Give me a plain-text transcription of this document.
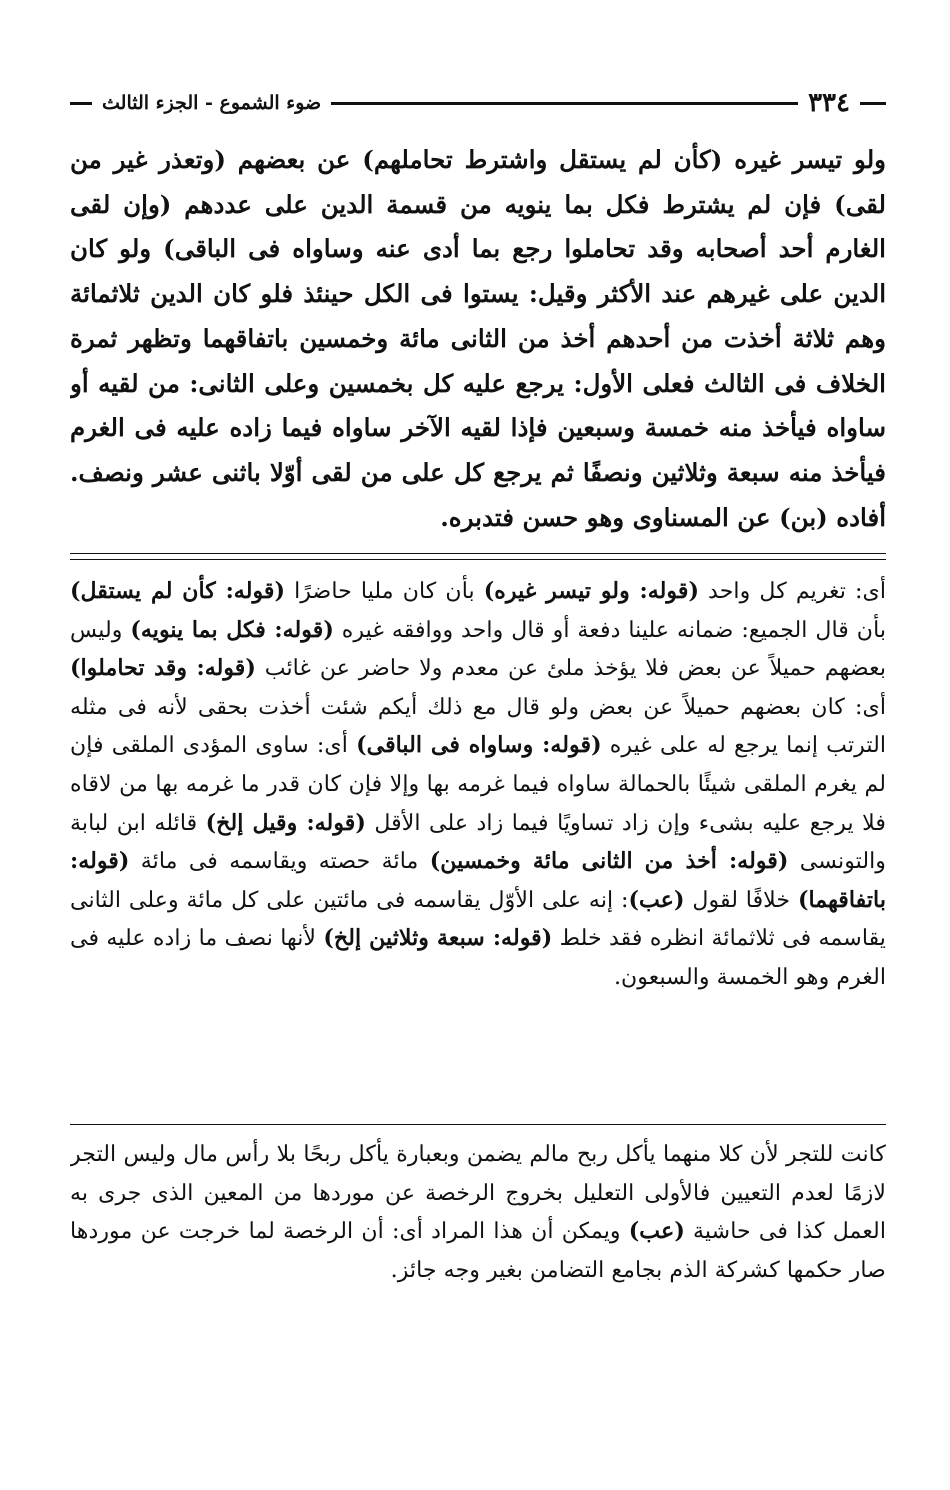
٣٣٤
ضوء الشموع - الجزء الثالث
ولو تيسر غيره (كأن لم يستقل واشترط تحاملهم) عن بعضهم (وتعذر غير من لقى) فإن لم يشترط فكل بما ينويه من قسمة الدين على عددهم (وإن لقى الغارم أحد أصحابه وقد تحاملوا رجع بما أدى عنه وساواه فى الباقى) ولو كان الدين على غيرهم عند الأكثر وقيل: يستوا فى الكل حينئذ فلو كان الدين ثلاثمائة وهم ثلاثة أخذت من أحدهم أخذ من الثانى مائة وخمسين باتفاقهما وتظهر ثمرة الخلاف فى الثالث فعلى الأول: يرجع عليه كل بخمسين وعلى الثانى: من لقيه أو ساواه فيأخذ منه خمسة وسبعين فإذا لقيه الآخر ساواه فيما زاده عليه فى الغرم فيأخذ منه سبعة وثلاثين ونصفًا ثم يرجع كل على من لقى أوّلا باثنى عشر ونصف. أفاده (بن) عن المسناوى وهو حسن فتدبره.
أى: تغريم كل واحد (قوله: ولو تيسر غيره) بأن كان مليا حاضرًا (قوله: كأن لم يستقل) بأن قال الجميع: ضمانه علينا دفعة أو قال واحد ووافقه غيره (قوله: فكل بما ينويه) وليس بعضهم حميلاً عن بعض فلا يؤخذ ملئ عن معدم ولا حاضر عن غائب (قوله: وقد تحاملوا) أى: كان بعضهم حميلاً عن بعض ولو قال مع ذلك أيكم شئت أخذت بحقى لأنه فى مثله الترتب إنما يرجع له على غيره (قوله: وساواه فى الباقى) أى: ساوى المؤدى الملقى فإن لم يغرم الملقى شيئًا بالحمالة ساواه فيما غرمه بها وإلا فإن كان قدر ما غرمه بها من لاقاه فلا يرجع عليه بشىء وإن زاد تساويًا فيما زاد على الأقل (قوله: وقيل إلخ) قائله ابن لبابة والتونسى (قوله: أخذ من الثانى مائة وخمسين) مائة حصته ويقاسمه فى مائة (قوله: باتفاقهما) خلافًا لقول (عب): إنه على الأوّل يقاسمه فى مائتين على كل مائة وعلى الثانى يقاسمه فى ثلاثمائة انظره فقد خلط (قوله: سبعة وثلاثين إلخ) لأنها نصف ما زاده عليه فى الغرم وهو الخمسة والسبعون.
كانت للتجر لأن كلا منهما يأكل ربح مالم يضمن وبعبارة يأكل ربحًا بلا رأس مال وليس التجر لازمًا لعدم التعيين فالأولى التعليل بخروج الرخصة عن موردها من المعين الذى جرى به العمل كذا فى حاشية (عب) ويمكن أن هذا المراد أى: أن الرخصة لما خرجت عن موردها صار حكمها كشركة الذم بجامع التضامن بغير وجه جائز.
